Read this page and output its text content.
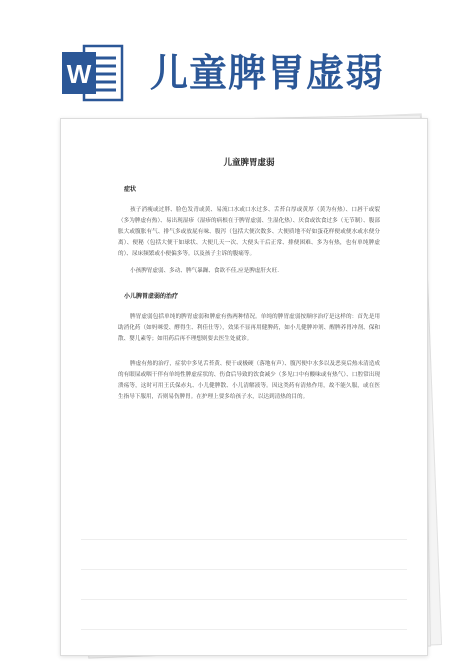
W 儿童脾胃虚弱
儿童脾胃虚弱
症状

孩子消瘦或过胖、脸色发青或黄、易流口水或口水过多、舌苔白厚或黄厚（黄为有热）、口唇干或裂（多为脾虚有热）、易出现湿疹（湿疹的病根在于脾胃虚弱、生湿化热）、厌食或饮食过多（无节制）、腹部胀大或腹胀有气、排气多或放屁有味、腹泻（包括大便次数多、大便质地不好如蛋花样便或便水或水便分离）、便秘（包括大便干如球状、大便几天一次、大便头干后正常、排便困难、多为有热，也有单纯脾虚的）、尿床频繁或小便偏多等。以及孩子主诉的腹痛等。

小孩脾胃虚弱、多动、脾气暴躁、食欲不佳,应是脾虚肝火旺.

小儿脾胃虚弱的治疗

脾胃虚弱包括单纯的脾胃虚弱和脾虚有热两种情况。单纯的脾胃虚弱按顺序治疗是这样的：首先是用助消化药（如妈咪爱、酵得生、利佳仕等），效果不显再用健脾药，如小儿健脾冲剂、醒脾养胃冲剂、保和散、婴儿素等；如用药后再不理想则要去医生处就诊。

脾虚有热的治疗，症状中多见舌苔黄、便干或极硬（落地有声）、腹泻便中水多以及恶臭后热未清造成的有眼屎或咽干伴有单纯性脾虚症状的、伤食后导致的饮食减少（多见口中有酸味或有热气）、口腔常出现溃疡等，这时可用王氏保赤丸、小儿健脾散、小儿清解液等。因这类药有清热作用，故不能久服，或在医生指导下服用，否则易伤脾胃。在护理上要多给孩子水，以达到清热的目的。
